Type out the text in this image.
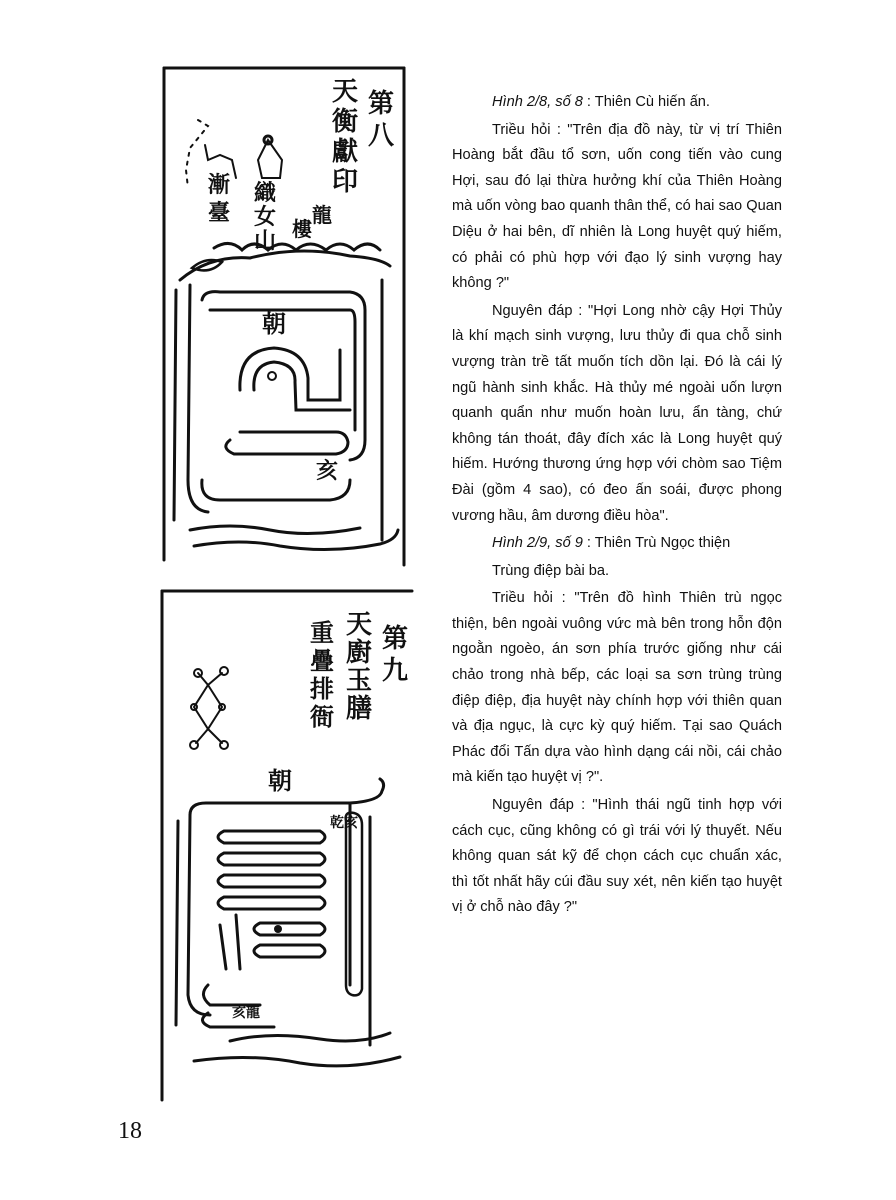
天
衡
獻
印
第
八
漸
臺
織
女
山
龍
樓
朝
亥
天
廚
玉
膳
第
九
重
疊
排
衙
朝
乾亥
亥龍

Hình 2/8, số 8 : Thiên Cù hiến ấn.

Triều hỏi : "Trên địa đồ này, từ vị trí Thiên Hoàng bắt đầu tổ sơn, uốn cong tiến vào cung Hợi, sau đó lại thừa hưởng khí của Thiên Hoàng mà uốn vòng bao quanh thân thể, có hai sao Quan Diệu ở hai bên, dĩ nhiên là Long huyệt quý hiếm, có phải có phù hợp với đạo lý sinh vượng hay không ?"

Nguyên đáp : "Hợi Long nhờ cậy Hợi Thủy là khí mạch sinh vượng, lưu thủy đi qua chỗ sinh vượng tràn trề tất muốn tích dồn lại. Đó là cái lý ngũ hành sinh khắc. Hà thủy mé ngoài uốn lượn quanh quẩn như muốn hoàn lưu, ẩn tàng, chứ không tán thoát, đây đích xác là Long huyệt quý hiếm. Hướng thương ứng hợp với chòm sao Tiệm Đài (gồm 4 sao), có đeo ấn soái, được phong vương hầu, âm dương điều hòa".

Hình 2/9, số 9 : Thiên Trù Ngọc thiện

Trùng điệp bài ba.

Triều hỏi : "Trên đồ hình Thiên trù ngọc thiện, bên ngoài vuông vức mà bên trong hỗn độn ngoằn ngoèo, án sơn phía trước giống như cái chảo trong nhà bếp, các loại sa sơn trùng trùng điệp điệp, địa huyệt này chính hợp với thiên quan và địa ngục, là cực kỳ quý hiếm. Tại sao Quách Phác đổi Tấn dựa vào hình dạng cái nồi, cái chảo mà kiến tạo huyệt vị ?".

Nguyên đáp : "Hình thái ngũ tinh hợp với cách cục, cũng không có gì trái với lý thuyết. Nếu không quan sát kỹ để chọn cách cục chuẩn xác, thì tốt nhất hãy cúi đầu suy xét, nên kiến tạo huyệt vị ở chỗ nào đây ?"

18
